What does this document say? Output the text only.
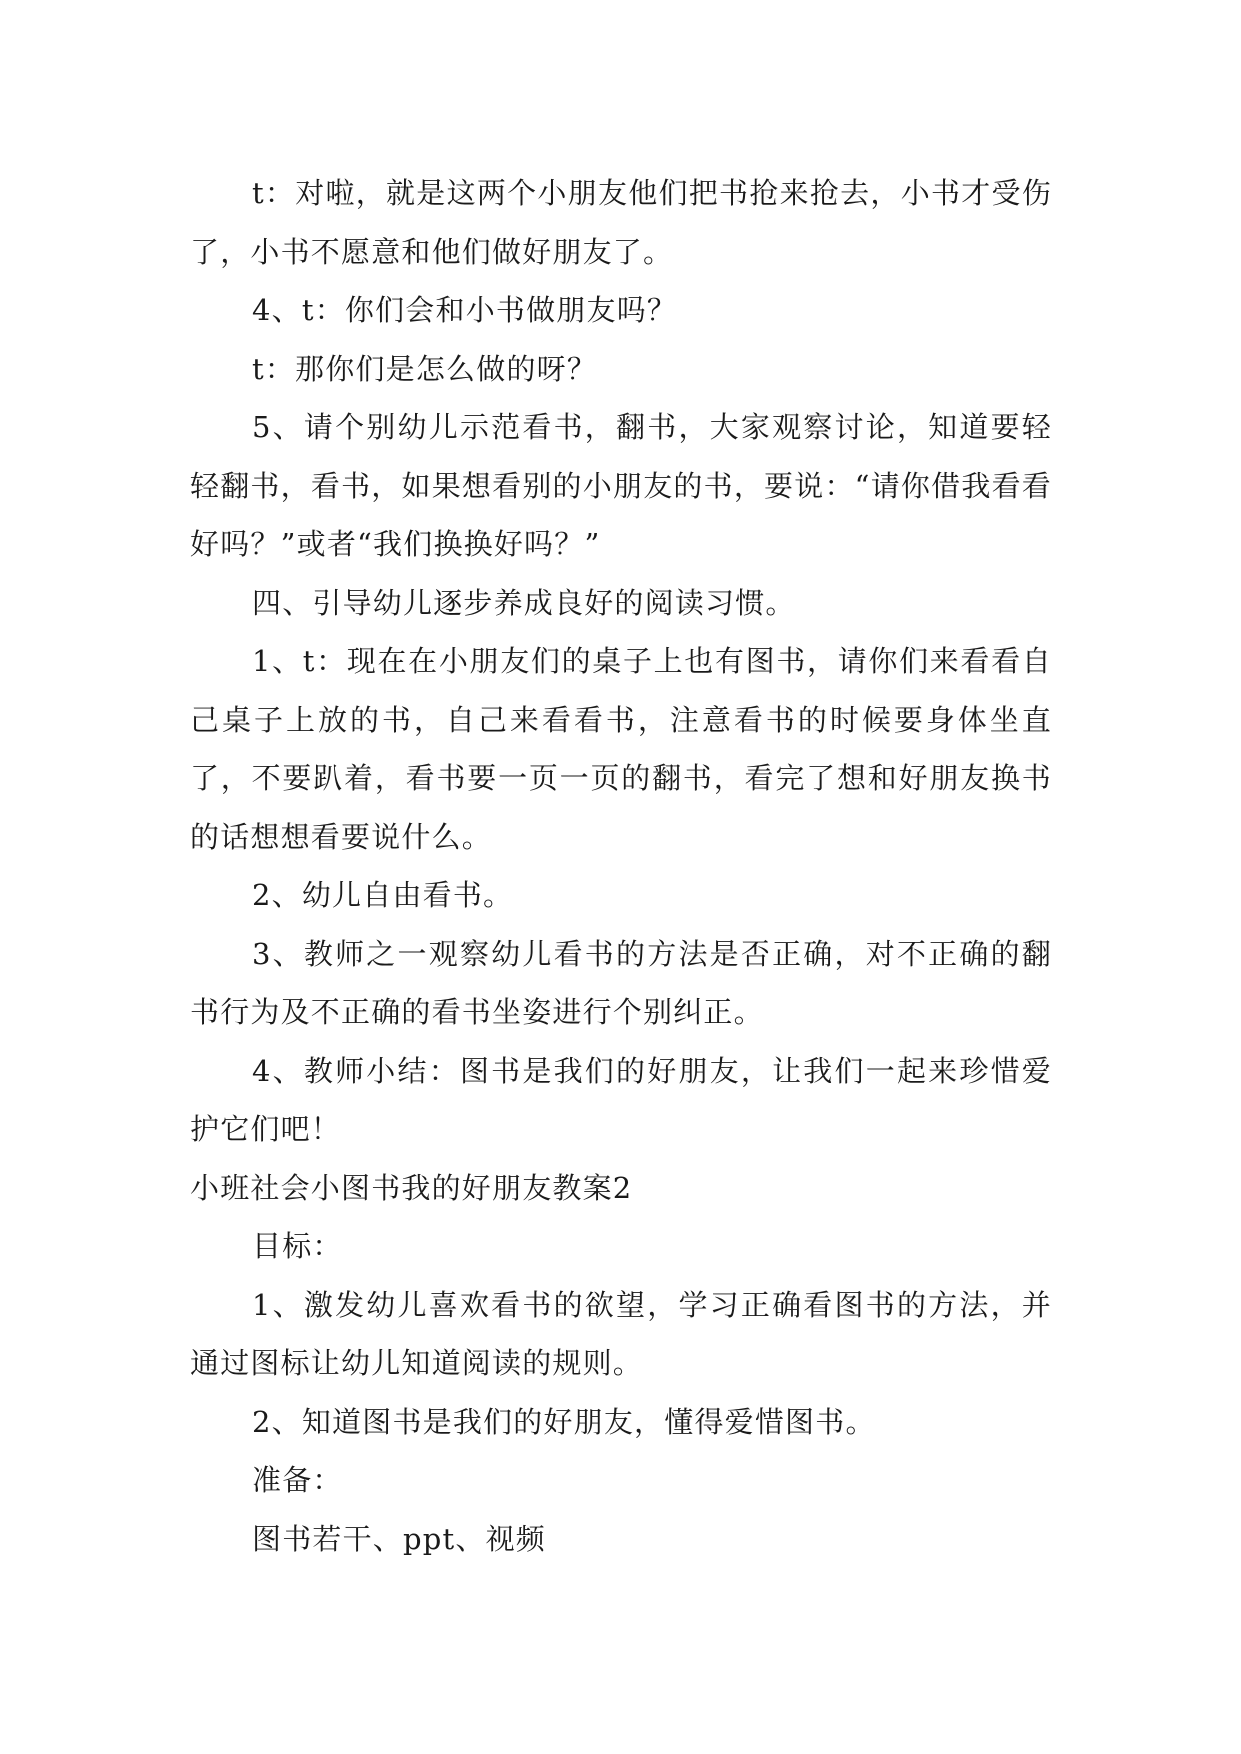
t：对啦，就是这两个小朋友他们把书抢来抢去，小书才受伤了，小书不愿意和他们做好朋友了。

4、t：你们会和小书做朋友吗？

t：那你们是怎么做的呀？

5、请个别幼儿示范看书，翻书，大家观察讨论，知道要轻轻翻书，看书，如果想看别的小朋友的书，要说：“请你借我看看好吗？”或者“我们换换好吗？”

四、引导幼儿逐步养成良好的阅读习惯。

1、t：现在在小朋友们的桌子上也有图书，请你们来看看自己桌子上放的书，自己来看看书，注意看书的时候要身体坐直了，不要趴着，看书要一页一页的翻书，看完了想和好朋友换书的话想想看要说什么。

2、幼儿自由看书。

3、教师之一观察幼儿看书的方法是否正确，对不正确的翻书行为及不正确的看书坐姿进行个别纠正。

4、教师小结：图书是我们的好朋友，让我们一起来珍惜爱护它们吧！

小班社会小图书我的好朋友教案2

目标：

1、激发幼儿喜欢看书的欲望，学习正确看图书的方法，并通过图标让幼儿知道阅读的规则。

2、知道图书是我们的好朋友，懂得爱惜图书。

准备：

图书若干、ppt、视频
